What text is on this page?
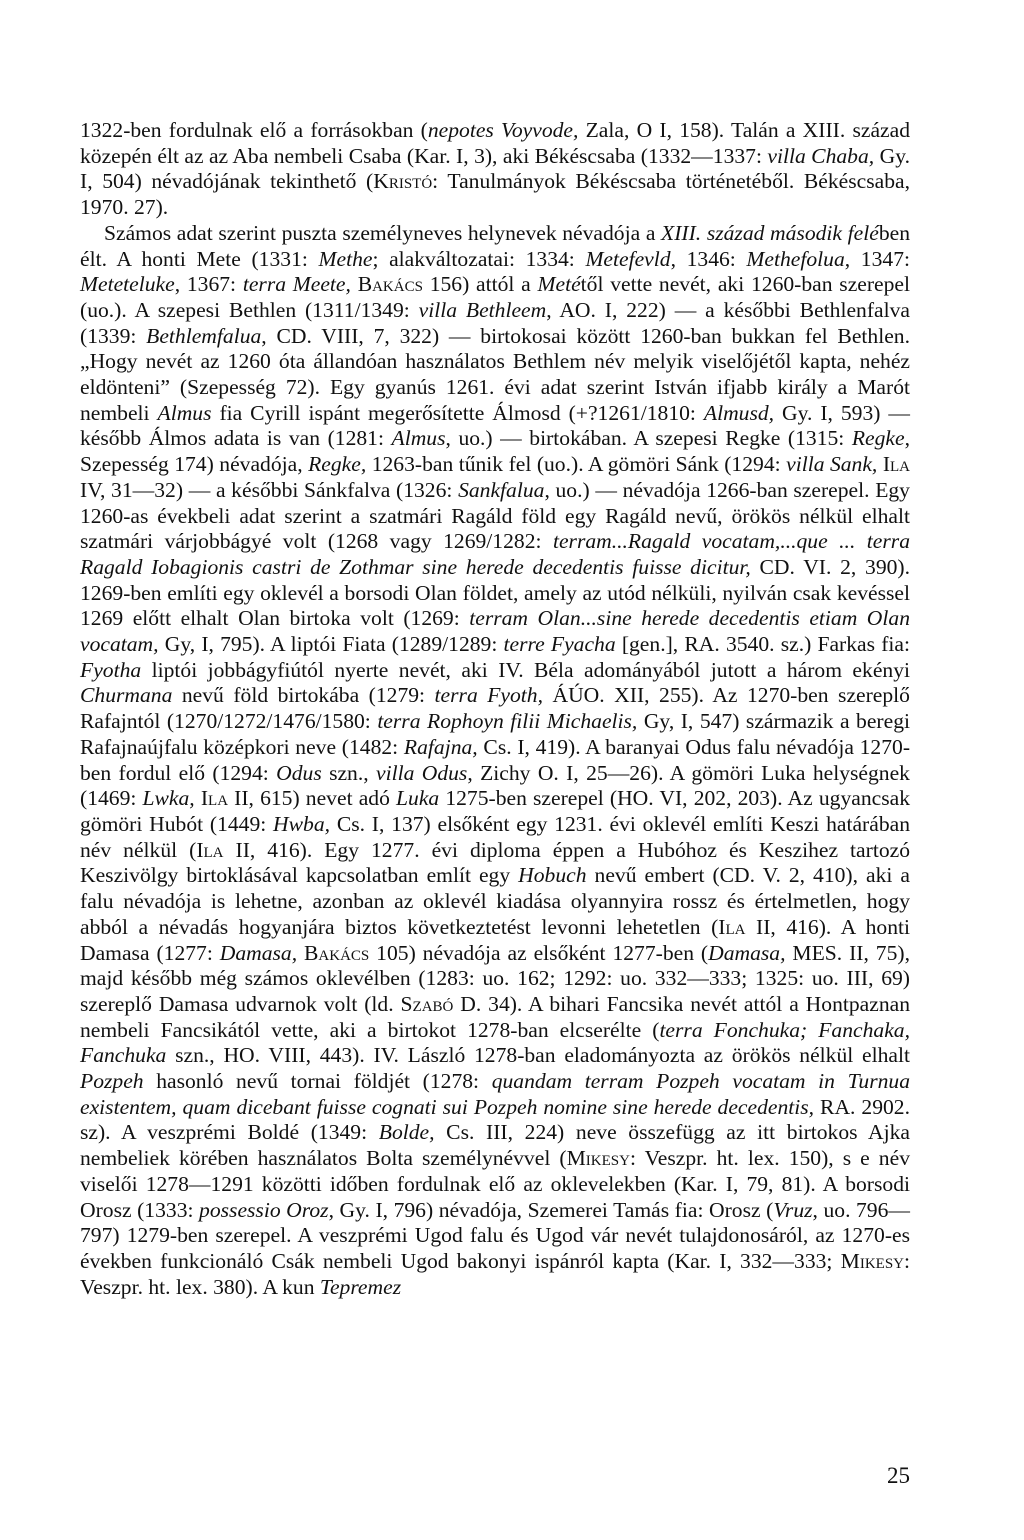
1322-ben fordulnak elő a forrásokban (nepotes Voyvode, Zala, O I, 158). Talán a XIII. század közepén élt az az Aba nembeli Csaba (Kar. I, 3), aki Békéscsaba (1332—1337: villa Chaba, Gy. I, 504) névadójának tekinthető (Kristó: Tanulmányok Békéscsaba történetéből. Békéscsaba, 1970. 27).

Számos adat szerint puszta személyneves helynevek névadója a XIII. század második felében élt. A honti Mete (1331: Methe; alakváltozatai: 1334: Metefevld, 1346: Methefolua, 1347: Meteteluke, 1367: terra Meete, Bakács 156) attól a Metétől vette nevét, aki 1260-ban szerepel (uo.). A szepesi Bethlen (1311/1349: villa Bethleem, AO. I, 222) — a későbbi Bethlenfalva (1339: Bethlemfalua, CD. VIII, 7, 322) — birtokosai között 1260-ban bukkan fel Bethlen. „Hogy nevét az 1260 óta állandóan használatos Bethlem név melyik viselőjétől kapta, nehéz eldönteni” (Szepesség 72). Egy gyanús 1261. évi adat szerint István ifjabb király a Marót nembeli Almus fia Cyrill ispánt megerősítette Álmosd (+?1261/1810: Almusd, Gy. I, 593) — később Álmos adata is van (1281: Almus, uo.) — birtokában. A szepesi Regke (1315: Regke, Szepesség 174) névadója, Regke, 1263-ban tűnik fel (uo.). A gömöri Sánk (1294: villa Sank, Ila IV, 31—32) — a későbbi Sánkfalva (1326: Sankfalua, uo.) — névadója 1266-ban szerepel. Egy 1260-as évekbeli adat szerint a szatmári Ragáld föld egy Ragáld nevű, örökös nélkül elhalt szatmári várjobbágyé volt (1268 vagy 1269/1282: terram...Ragald vocatam,...que ... terra Ragald Iobagionis castri de Zothmar sine herede decedentis fuisse dicitur, CD. VI. 2, 390). 1269-ben említi egy oklevél a borsodi Olan földet, amely az utód nélküli, nyilván csak kevéssel 1269 előtt elhalt Olan birtoka volt (1269: terram Olan...sine herede decedentis etiam Olan vocatam, Gy, I, 795). A liptói Fiata (1289/1289: terre Fyacha [gen.], RA. 3540. sz.) Farkas fia: Fyotha liptói jobbágyfiútól nyerte nevét, aki IV. Béla adományából jutott a három ekényi Churmana nevű föld birtokába (1279: terra Fyoth, ÁÚO. XII, 255). Az 1270-ben szereplő Rafajntól (1270/1272/1476/1580: terra Rophoyn filii Michaelis, Gy, I, 547) származik a beregi Rafajnaújfalu középkori neve (1482: Rafajna, Cs. I, 419). A baranyai Odus falu névadója 1270-ben fordul elő (1294: Odus szn., villa Odus, Zichy O. I, 25—26). A gömöri Luka helységnek (1469: Lwka, Ila II, 615) nevet adó Luka 1275-ben szerepel (HO. VI, 202, 203). Az ugyancsak gömöri Hubót (1449: Hwba, Cs. I, 137) elsőként egy 1231. évi oklevél említi Keszi határában név nélkül (Ila II, 416). Egy 1277. évi diploma éppen a Hubóhoz és Keszihez tartozó Keszivölgy birtoklásával kapcsolatban említ egy Hobuch nevű embert (CD. V. 2, 410), aki a falu névadója is lehetne, azonban az oklevél kiadása olyannyira rossz és értelmetlen, hogy abból a névadás hogyanjára biztos következtetést levonni lehetetlen (Ila II, 416). A honti Damasa (1277: Damasa, Bakács 105) névadója az elsőként 1277-ben (Damasa, MES. II, 75), majd később még számos oklevélben (1283: uo. 162; 1292: uo. 332—333; 1325: uo. III, 69) szereplő Damasa udvarnok volt (ld. Szabó D. 34). A bihari Fancsika nevét attól a Hontpaznan nembeli Fancsikától vette, aki a birtokot 1278-ban elcserélte (terra Fonchuka; Fanchaka, Fanchuka szn., HO. VIII, 443). IV. László 1278-ban eladományozta az örökös nélkül elhalt Pozpeh hasonló nevű tornai földjét (1278: quandam terram Pozpeh vocatam in Turnua existentem, quam dicebant fuisse cognati sui Pozpeh nomine sine herede decedentis, RA. 2902. sz). A veszprémi Boldé (1349: Bolde, Cs. III, 224) neve összefügg az itt birtokos Ajka nembeliek körében használatos Bolta személynévvel (Mikesy: Veszpr. ht. lex. 150), s e név viselői 1278—1291 közötti időben fordulnak elő az oklevelekben (Kar. I, 79, 81). A borsodi Orosz (1333: possessio Oroz, Gy. I, 796) névadója, Szemerei Tamás fia: Orosz (Vruz, uo. 796—797) 1279-ben szerepel. A veszprémi Ugod falu és Ugod vár nevét tulajdonosáról, az 1270-es években funkcionáló Csák nembeli Ugod bakonyi ispánról kapta (Kar. I, 332—333; Mikesy: Veszpr. ht. lex. 380). A kun Tepremez

25
